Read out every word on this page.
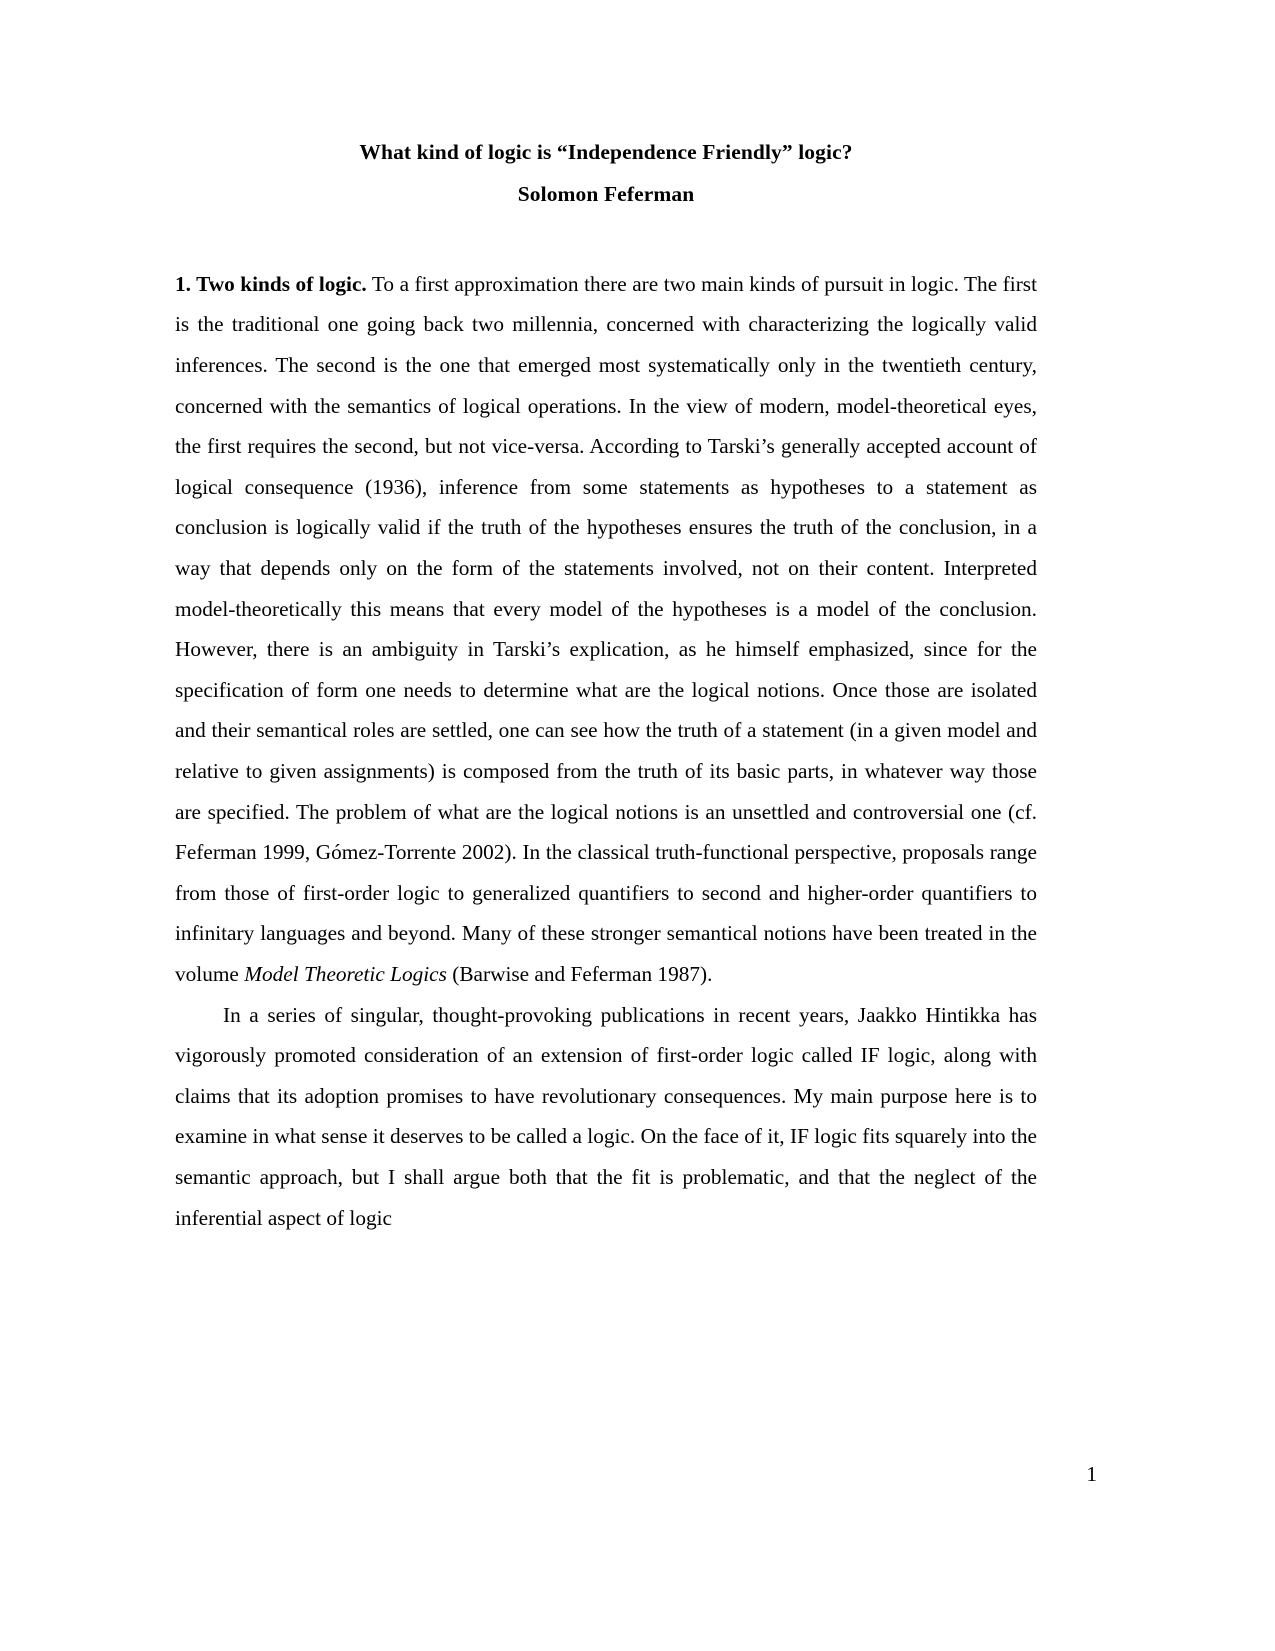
What kind of logic is “Independence Friendly” logic?
Solomon Feferman

1. Two kinds of logic. To a first approximation there are two main kinds of pursuit in logic. The first is the traditional one going back two millennia, concerned with characterizing the logically valid inferences. The second is the one that emerged most systematically only in the twentieth century, concerned with the semantics of logical operations. In the view of modern, model-theoretical eyes, the first requires the second, but not vice-versa. According to Tarski’s generally accepted account of logical consequence (1936), inference from some statements as hypotheses to a statement as conclusion is logically valid if the truth of the hypotheses ensures the truth of the conclusion, in a way that depends only on the form of the statements involved, not on their content. Interpreted model-theoretically this means that every model of the hypotheses is a model of the conclusion. However, there is an ambiguity in Tarski’s explication, as he himself emphasized, since for the specification of form one needs to determine what are the logical notions. Once those are isolated and their semantical roles are settled, one can see how the truth of a statement (in a given model and relative to given assignments) is composed from the truth of its basic parts, in whatever way those are specified. The problem of what are the logical notions is an unsettled and controversial one (cf. Feferman 1999, Gómez-Torrente 2002). In the classical truth-functional perspective, proposals range from those of first-order logic to generalized quantifiers to second and higher-order quantifiers to infinitary languages and beyond. Many of these stronger semantical notions have been treated in the volume Model Theoretic Logics (Barwise and Feferman 1987).

In a series of singular, thought-provoking publications in recent years, Jaakko Hintikka has vigorously promoted consideration of an extension of first-order logic called IF logic, along with claims that its adoption promises to have revolutionary consequences. My main purpose here is to examine in what sense it deserves to be called a logic. On the face of it, IF logic fits squarely into the semantic approach, but I shall argue both that the fit is problematic, and that the neglect of the inferential aspect of logic

1
